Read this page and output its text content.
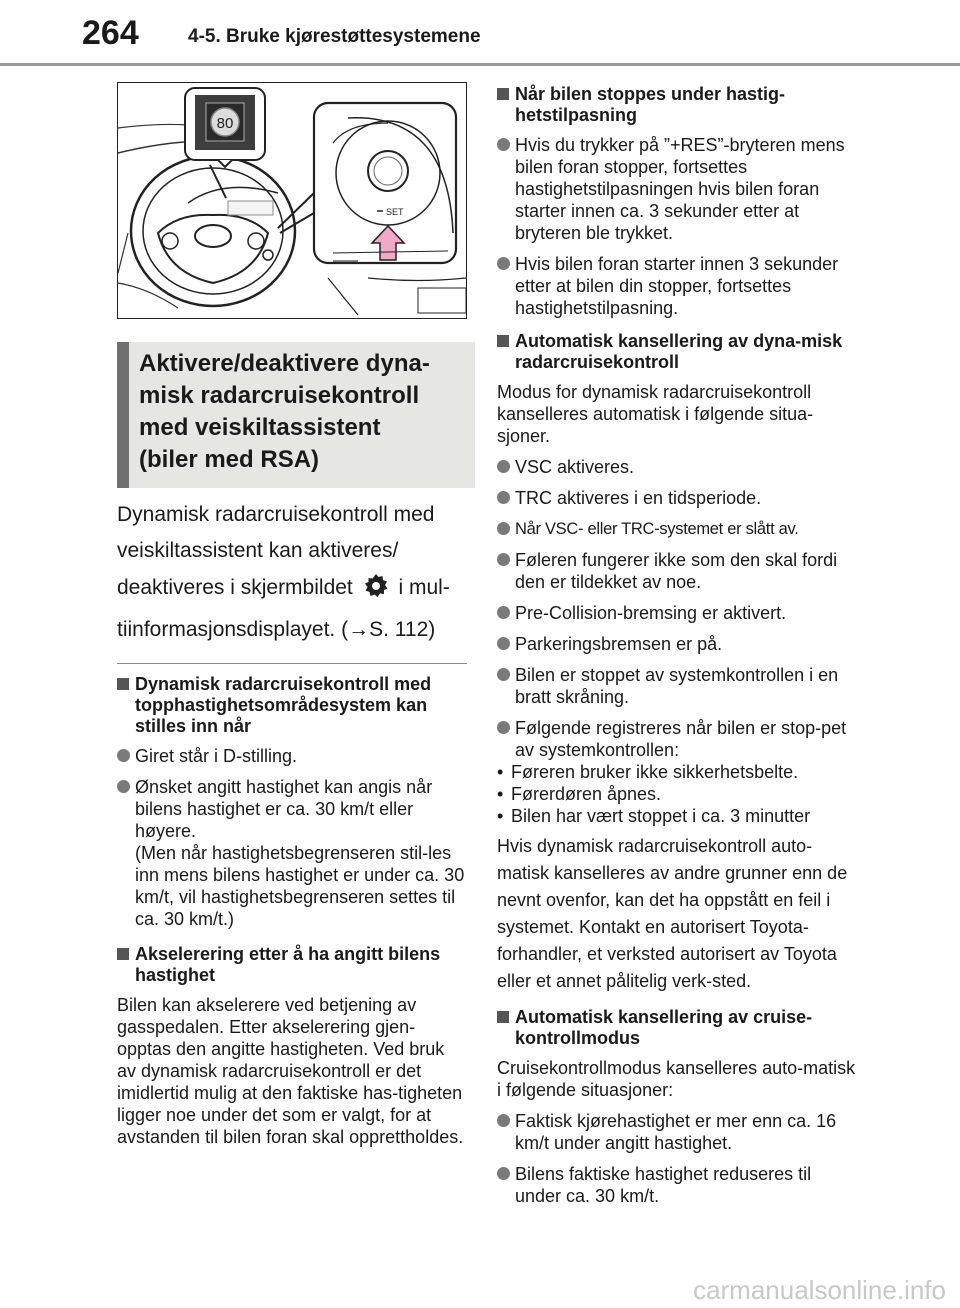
264	4-5. Bruke kjørestøttesystemene
80
SET
Aktivere/deaktivere dyna-
misk radarcruisekontroll
med veiskiltassistent
(biler med RSA)

Dynamisk radarcruisekontroll med

veiskiltassistent kan aktiveres/

deaktiveres i skjermbildet i mul-

tiinformasjonsdisplayet. (→S. 112)

Dynamisk radarcruisekontroll med topphastighetsområdesystem kan stilles inn når
Giret står i D-stilling.
Ønsket angitt hastighet kan angis når bilens hastighet er ca. 30 km/t eller høyere.
(Men når hastighetsbegrenseren stil-les inn mens bilens hastighet er under ca. 30 km/t, vil hastighetsbegrenseren settes til ca. 30 km/t.)
Akselerering etter å ha angitt bilens hastighet
Bilen kan akselerere ved betjening av gasspedalen. Etter akselerering gjen-opptas den angitte hastigheten. Ved bruk av dynamisk radarcruisekontroll er det imidlertid mulig at den faktiske has-tigheten ligger noe under det som er valgt, for at avstanden til bilen foran skal opprettholdes.
Når bilen stoppes under hastig-hetstilpasning
Hvis du trykker på ”+RES”-bryteren mens bilen foran stopper, fortsettes hastighetstilpasningen hvis bilen foran starter innen ca. 3 sekunder etter at bryteren ble trykket.
Hvis bilen foran starter innen 3 sekunder etter at bilen din stopper, fortsettes hastighetstilpasning.
Automatisk kansellering av dyna-misk radarcruisekontroll
Modus for dynamisk radarcruisekontroll kanselleres automatisk i følgende situa-sjoner.
VSC aktiveres.
TRC aktiveres i en tidsperiode.
Når VSC- eller TRC-systemet er slått av.
Føleren fungerer ikke som den skal fordi den er tildekket av noe.
Pre-Collision-bremsing er aktivert.
Parkeringsbremsen er på.
Bilen er stoppet av systemkontrollen i en bratt skråning.
Følgende registreres når bilen er stop-pet av systemkontrollen:
• Føreren bruker ikke sikkerhetsbelte.
• Førerdøren åpnes.
• Bilen har vært stoppet i ca. 3 minutter
Hvis dynamisk radarcruisekontroll auto-matisk kanselleres av andre grunner enn de nevnt ovenfor, kan det ha oppstått en feil i systemet. Kontakt en autorisert Toyota-forhandler, et verksted autorisert av Toyota eller et annet pålitelig verk-sted.
Automatisk kansellering av cruise-kontrollmodus
Cruisekontrollmodus kanselleres auto-matisk i følgende situasjoner:
Faktisk kjørehastighet er mer enn ca. 16 km/t under angitt hastighet.
Bilens faktiske hastighet reduseres til under ca. 30 km/t.
carmanualsonline.info
